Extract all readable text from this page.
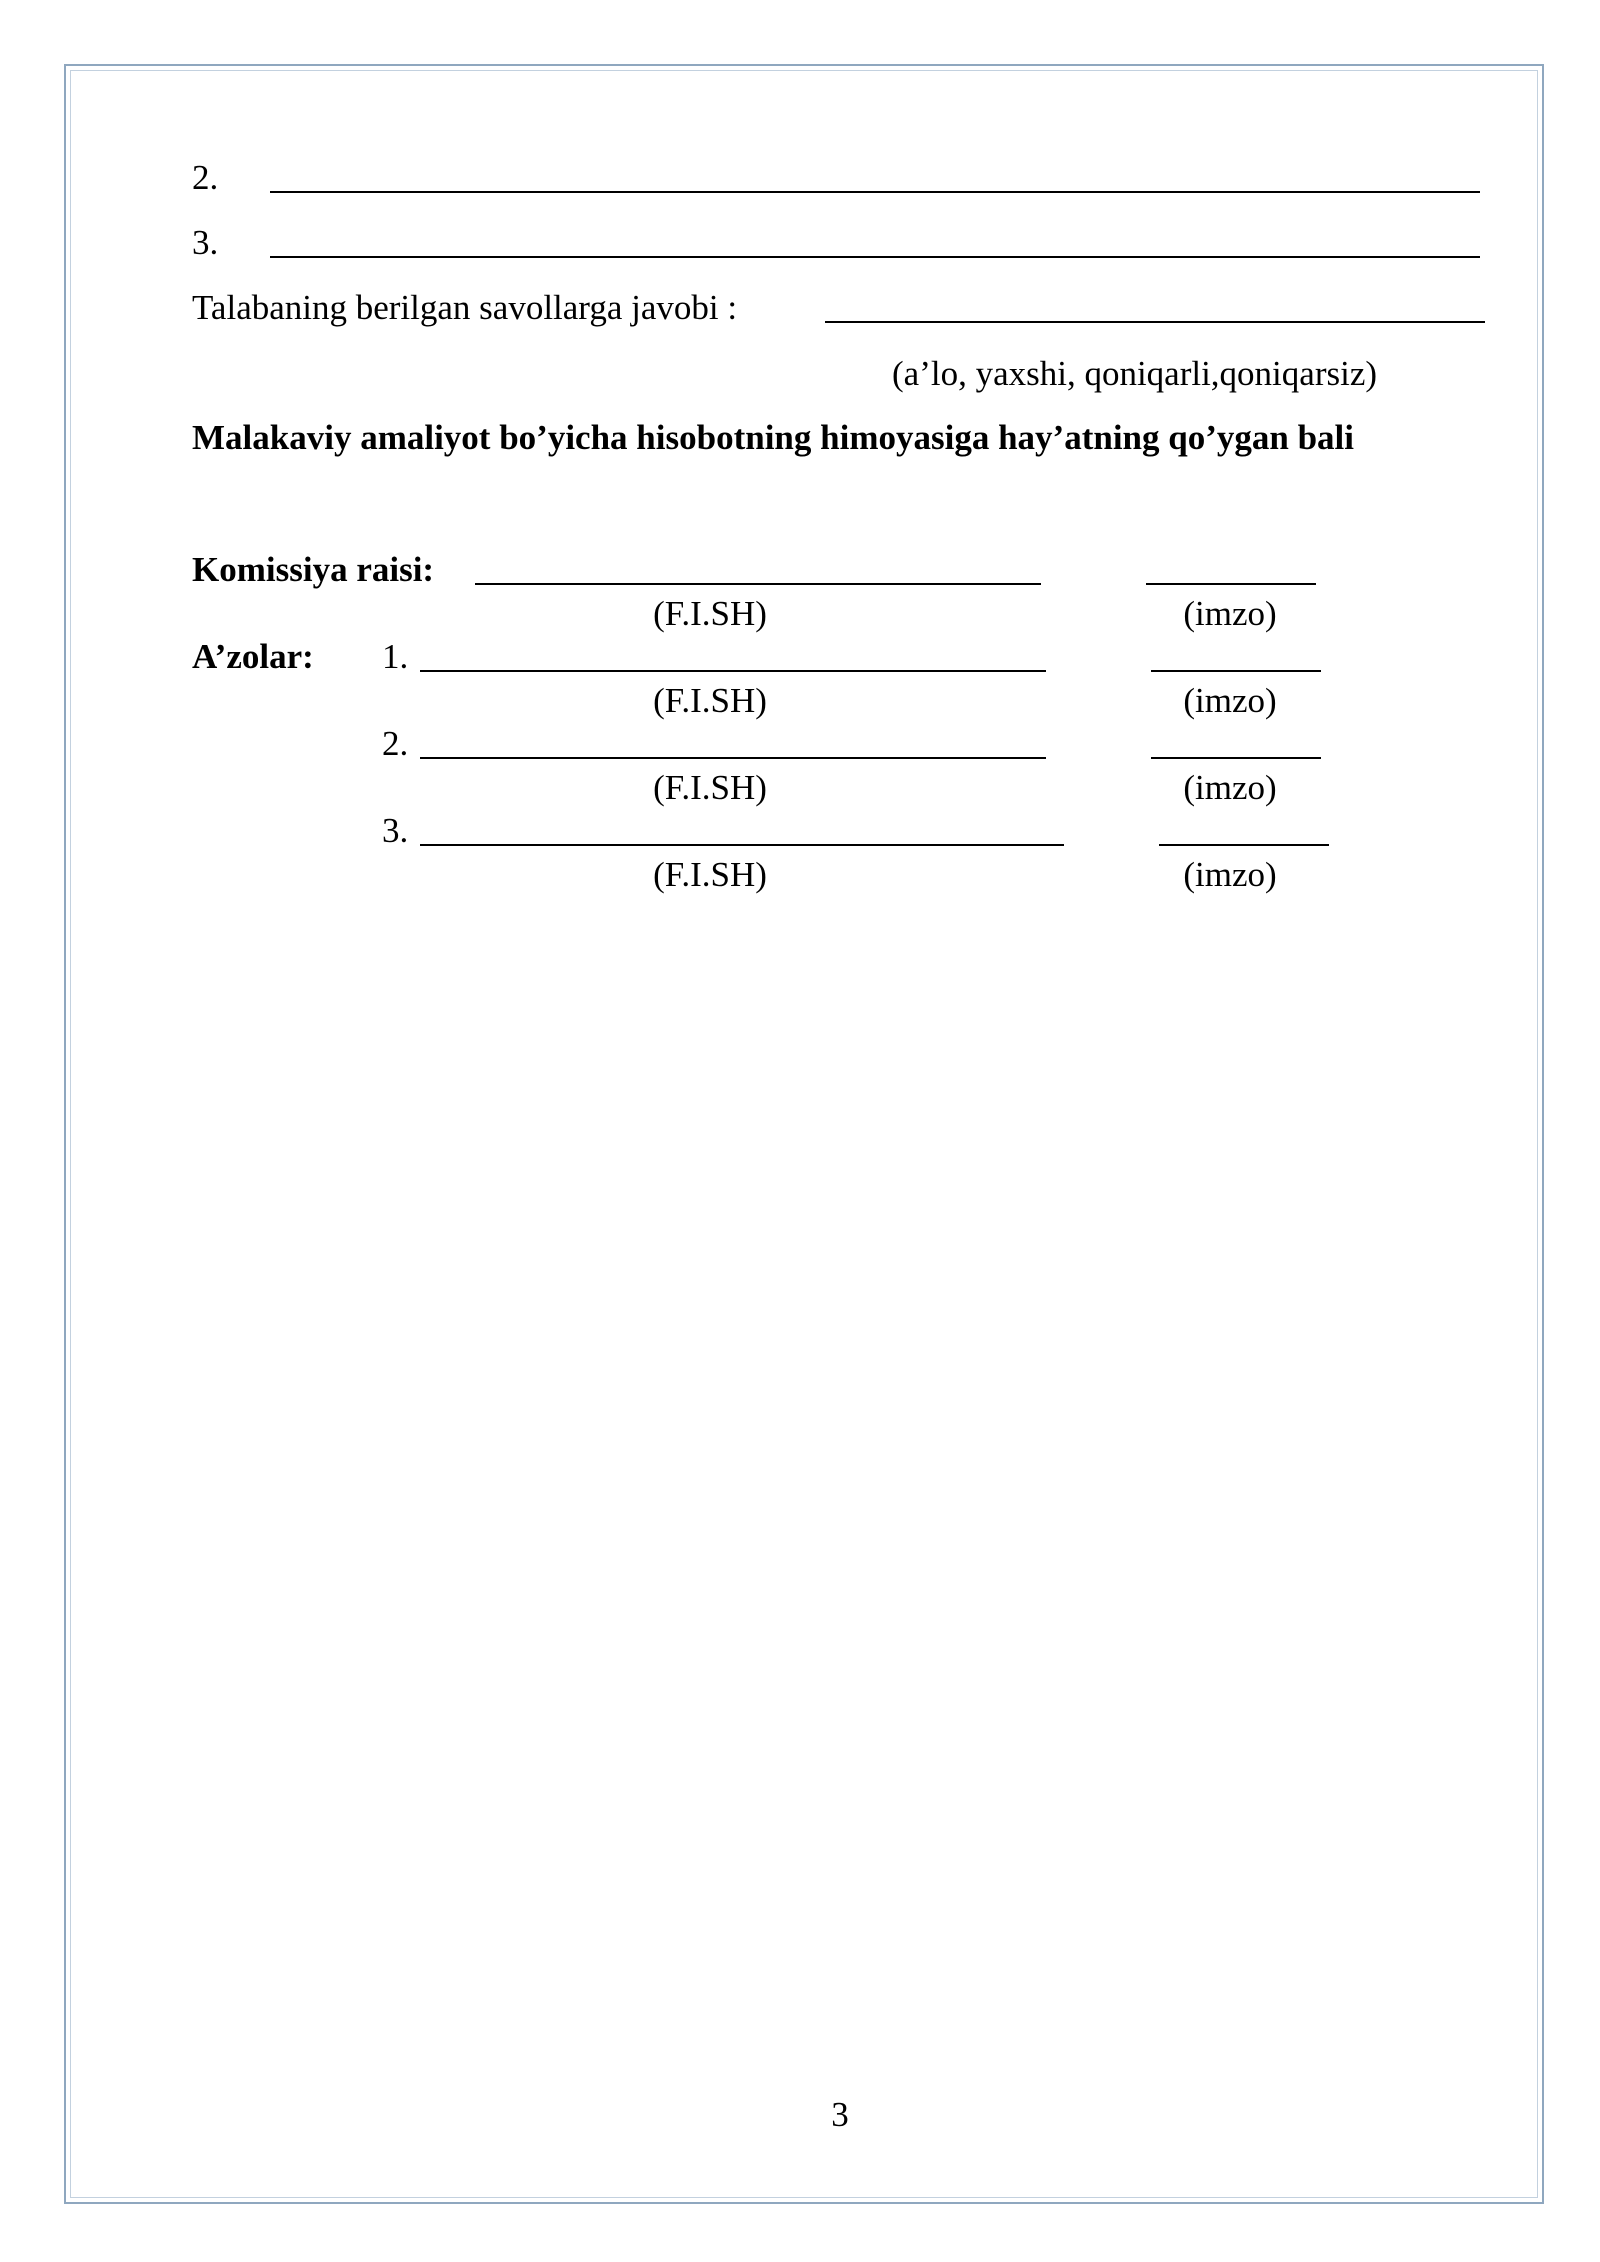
2.
3.
Talabaning berilgan savollarga javobi :
(a’lo, yaxshi, qoniqarli,qoniqarsiz)
Malakaviy amaliyot bo’yicha hisobotning himoyasiga hay’atning qo’ygan bali
Komissiya raisi:
(F.I.SH)	(imzo)
A’zolar: 1.
(F.I.SH)	(imzo)
2.
(F.I.SH)	(imzo)
3.
(F.I.SH)	(imzo)
3
